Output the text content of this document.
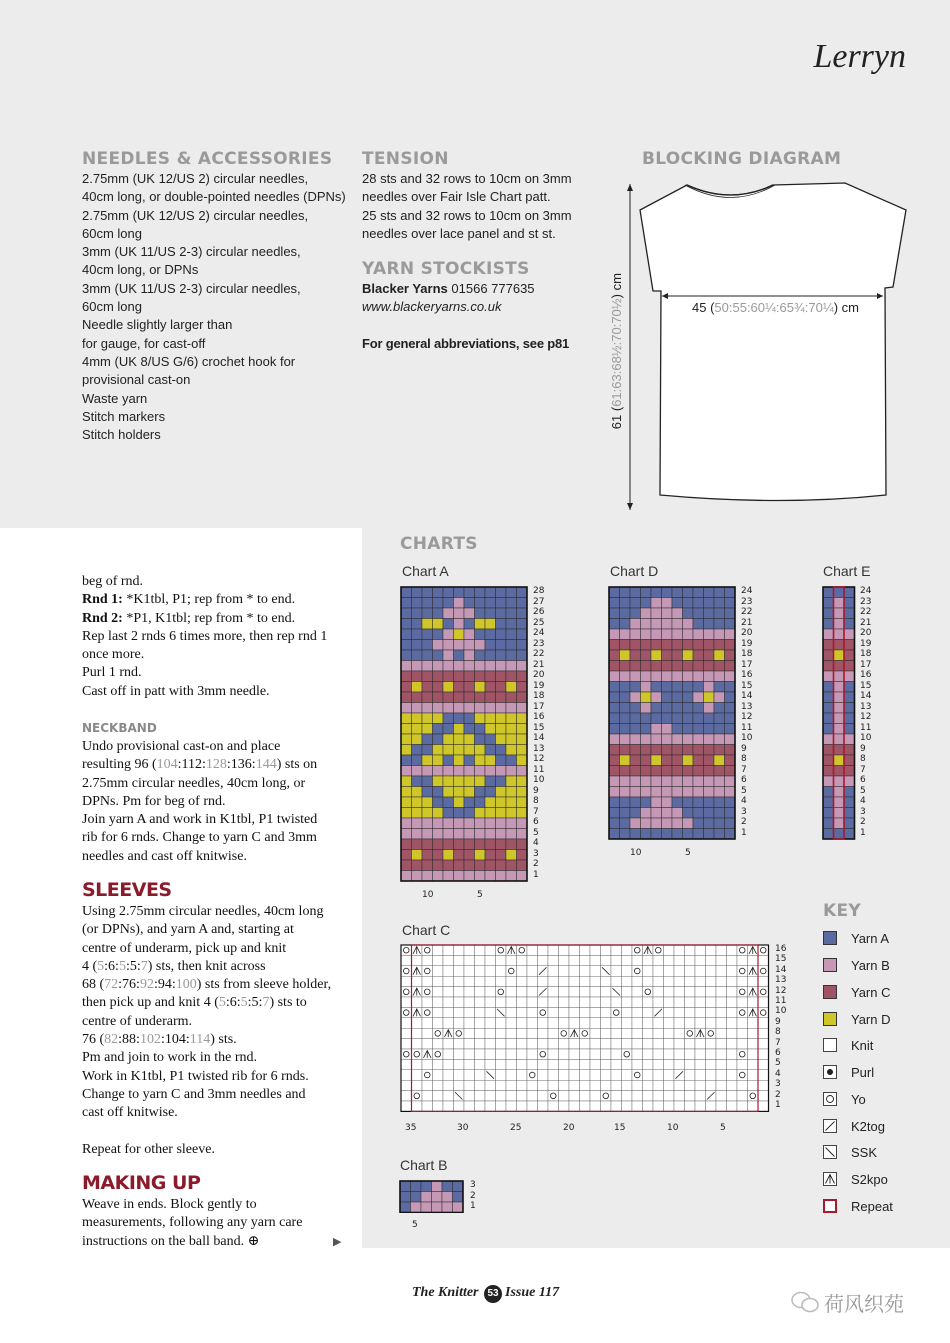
Lerryn
NEEDLES & ACCESSORIES
2.75mm (UK 12/US 2) circular needles,
40cm long, or double-pointed needles (DPNs)
2.75mm (UK 12/US 2) circular needles,
60cm long
3mm (UK 11/US 2-3) circular needles,
40cm long, or DPNs
3mm (UK 11/US 2-3) circular needles,
60cm long
Needle slightly larger than
for gauge, for cast-off
4mm (UK 8/US G/6) crochet hook for
provisional cast-on
Waste yarn
Stitch markers
Stitch holders
TENSION
28 sts and 32 rows to 10cm on 3mm
needles over Fair Isle Chart patt.
25 sts and 32 rows to 10cm on 3mm
needles over lace panel and st st.
YARN STOCKISTS
Blacker Yarns 01566 777635
www.blackeryarns.co.uk
For general abbreviations, see p81
BLOCKING DIAGRAM
45 (50:55:60¼:65¾:70¼) cm
61 (61:63:68½:70:70½) cm
beg of rnd.
Rnd 1: *K1tbl, P1; rep from * to end.
Rnd 2: *P1, K1tbl; rep from * to end.
Rep last 2 rnds 6 times more, then rep rnd 1
once more.
Purl 1 rnd.
Cast off in patt with 3mm needle.
NECKBAND
Undo provisional cast-on and place
resulting 96 (104:112:128:136:144) sts on
2.75mm circular needles, 40cm long, or
DPNs. Pm for beg of rnd.
Join yarn A and work in K1tbl, P1 twisted
rib for 6 rnds. Change to yarn C and 3mm
needles and cast off knitwise.
SLEEVES
Using 2.75mm circular needles, 40cm long
(or DPNs), and yarn A and, starting at
centre of underarm, pick up and knit
4 (5:6:5:5:7) sts, then knit across
68 (72:76:92:94:100) sts from sleeve holder,
then pick up and knit 4 (5:6:5:5:7) sts to
centre of underarm.
76 (82:88:102:104:114) sts.
Pm and join to work in the rnd.
Work in K1tbl, P1 twisted rib for 6 rnds.
Change to yarn C and 3mm needles and
cast off knitwise.
Repeat for other sleeve.
MAKING UP
Weave in ends. Block gently to
measurements, following any yarn care
instructions on the ball band. ⊕	▶
CHARTS
Chart A
28
27
26
25
24
23
22
21
20
19
18
17
16
15
14
13
12
11
10
9
8
7
6
5
4
3
2
1
10	5
Chart D
24
23
22
21
20
19
18
17
16
15
14
13
12
11
10
9
8
7
6
5
4
3
2
1
10	5
Chart E
24
23
22
21
20
19
18
17
16
15
14
13
12
11
10
9
8
7
6
5
4
3
2
1
Chart C
16
15
14
13
12
11
10
9
8
7
6
5
4
3
2
1
35	30	25	20	15	10	5
Chart B
3
2
1
5
KEY
Yarn A
Yarn B
Yarn C
Yarn D
Knit
Purl
Yo
K2tog
SSK
S2kpo
Repeat
The Knitter 53 Issue 117	荷风织苑
